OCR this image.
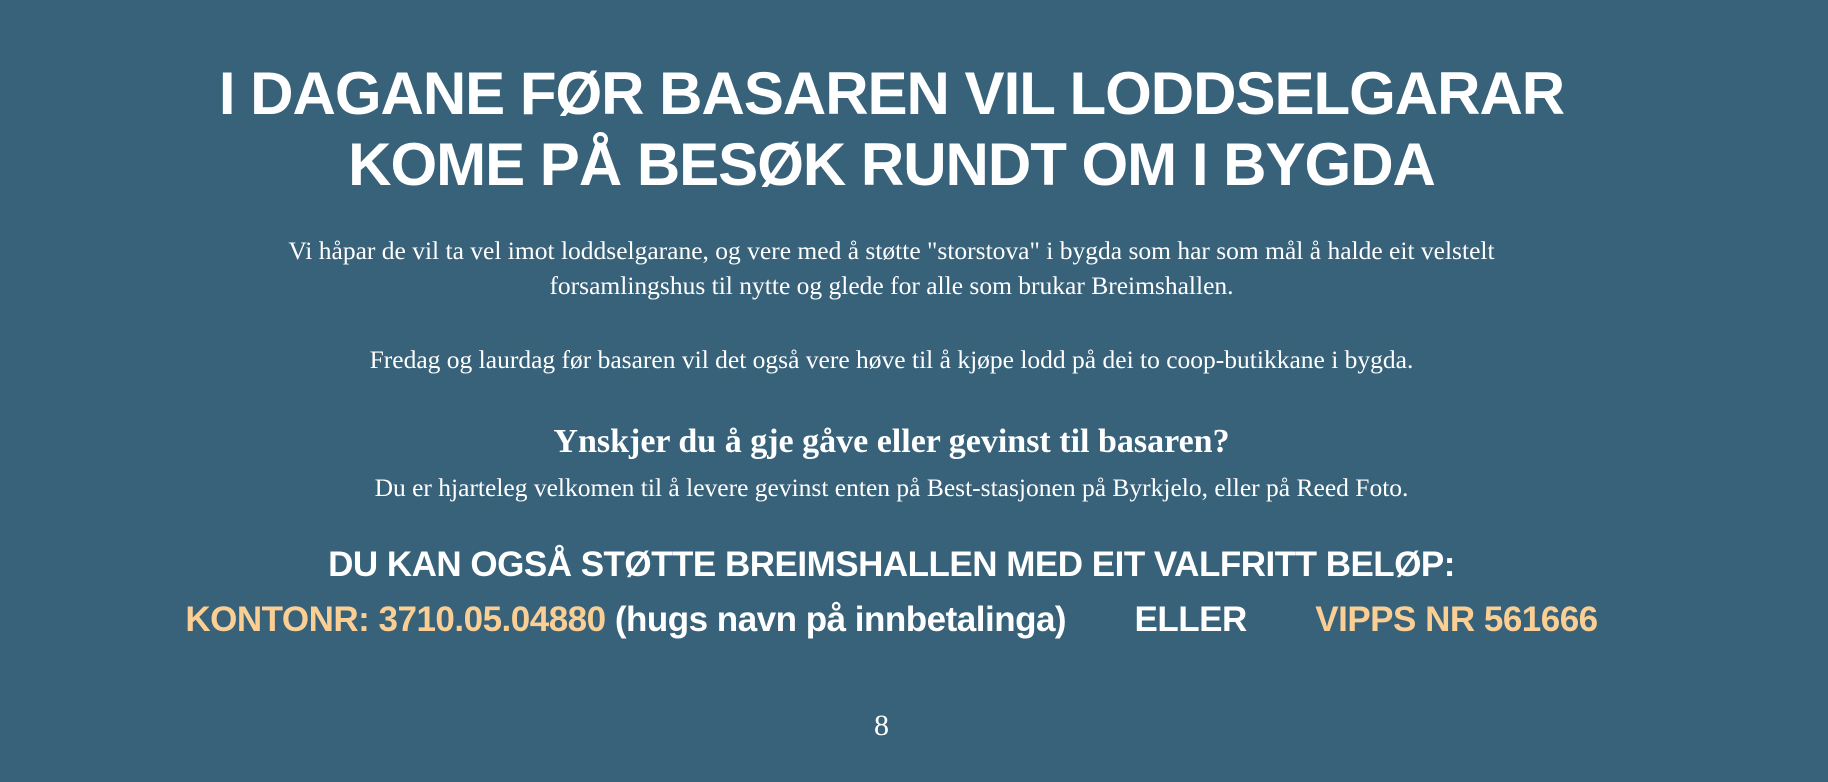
I DAGANE FØR BASAREN VIL LODDSELGARAR
KOME PÅ BESØK RUNDT OM I BYGDA

Vi håpar de vil ta vel imot loddselgarane, og vere med å støtte "storstova" i bygda som har som mål å halde eit velstelt
forsamlingshus til nytte og glede for alle som brukar Breimshallen.

Fredag og laurdag før basaren vil det også vere høve til å kjøpe lodd på dei to coop-butikkane i bygda.

Ynskjer du å gje gåve eller gevinst til basaren?

Du er hjarteleg velkomen til å levere gevinst enten på Best-stasjonen på Byrkjelo, eller på Reed Foto.

DU KAN OGSÅ STØTTE BREIMSHALLEN MED EIT VALFRITT BELØP:
KONTONR: 3710.05.04880 (hugs navn på innbetalinga) ELLER VIPPS NR 561666
8
